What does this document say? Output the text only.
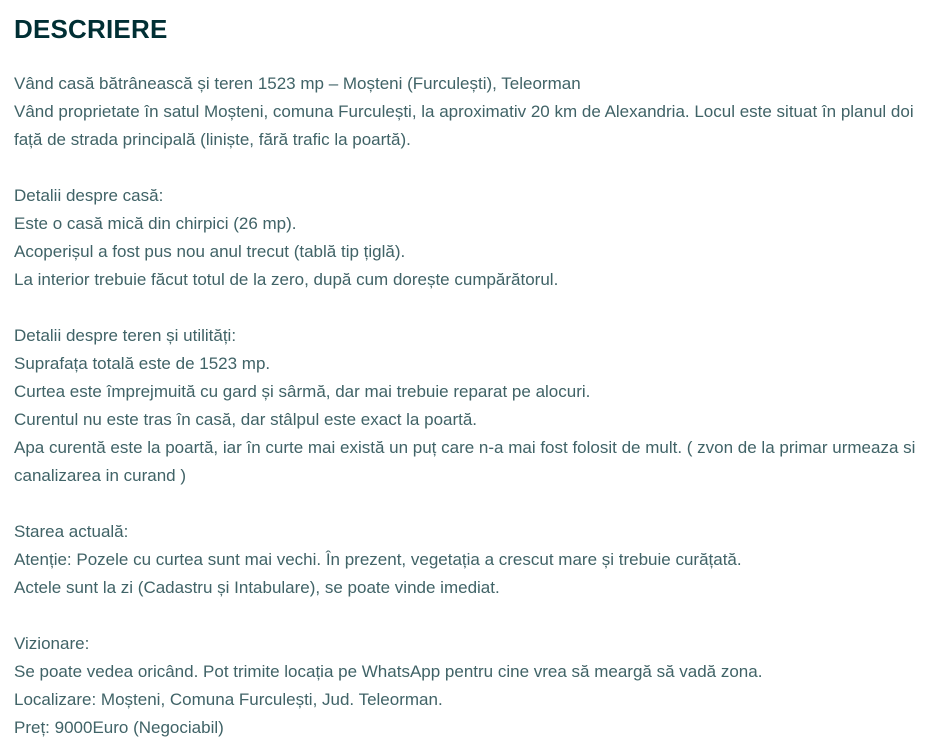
DESCRIERE
Vând casă bătrânească și teren 1523 mp – Moșteni (Furculești), Teleorman
Vând proprietate în satul Moșteni, comuna Furculești, la aproximativ 20 km de Alexandria. Locul este situat în planul doi față de strada principală (liniște, fără trafic la poartă).
Detalii despre casă:
Este o casă mică din chirpici (26 mp).
Acoperișul a fost pus nou anul trecut (tablă tip țiglă).
La interior trebuie făcut totul de la zero, după cum dorește cumpărătorul.
Detalii despre teren și utilități:
Suprafața totală este de 1523 mp.
Curtea este împrejmuită cu gard și sârmă, dar mai trebuie reparat pe alocuri.
Curentul nu este tras în casă, dar stâlpul este exact la poartă.
Apa curentă este la poartă, iar în curte mai există un puț care n-a mai fost folosit de mult. ( zvon de la primar urmeaza si canalizarea in curand )
Starea actuală:
Atenție: Pozele cu curtea sunt mai vechi. În prezent, vegetația a crescut mare și trebuie curățată.
Actele sunt la zi (Cadastru și Intabulare), se poate vinde imediat.
Vizionare:
Se poate vedea oricând. Pot trimite locația pe WhatsApp pentru cine vrea să meargă să vadă zona.
Localizare: Moșteni, Comuna Furculești, Jud. Teleorman.
Preț: 9000Euro (Negociabil)
